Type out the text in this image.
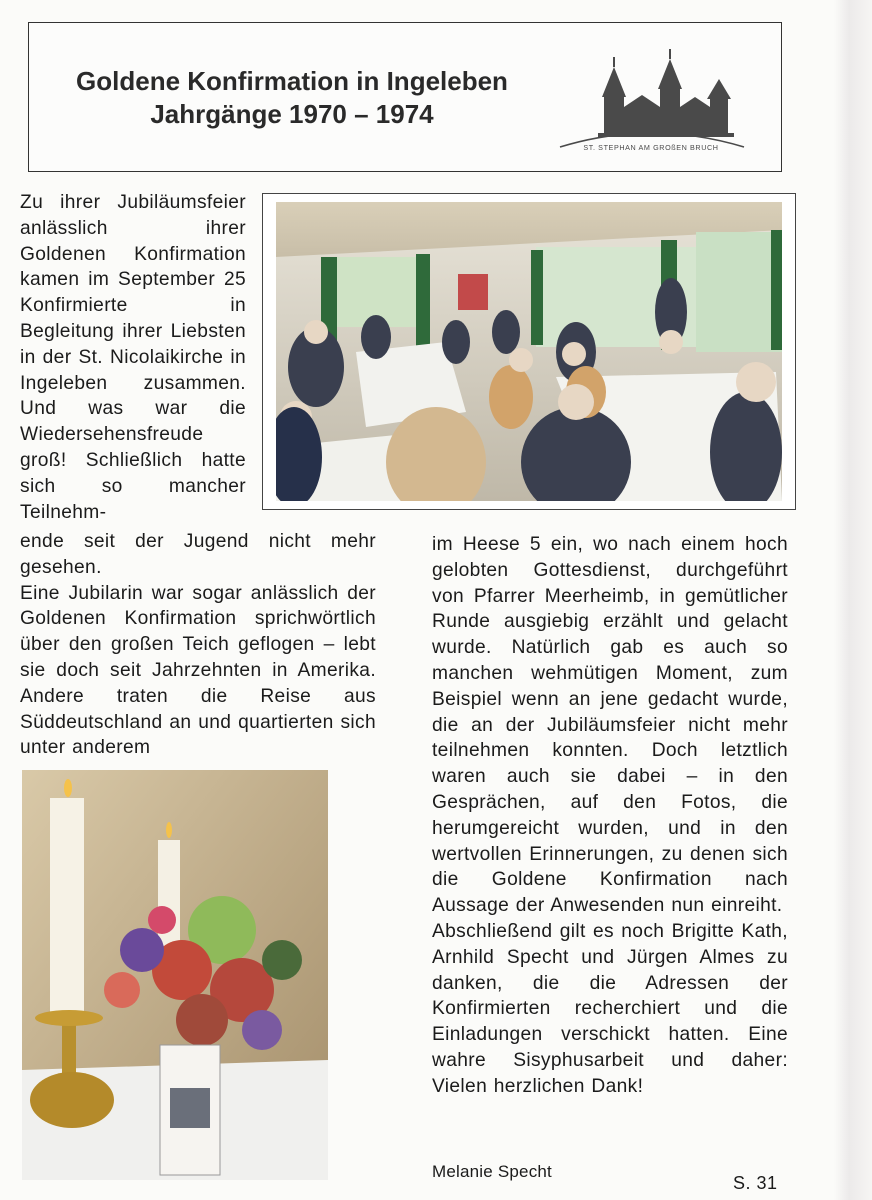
Goldene Konfirmation in Ingeleben
Jahrgänge 1970 – 1974
ST. STEPHAN AM GROßEN BRUCH

Zu ihrer Jubiläumsfeier anlässlich ihrer Goldenen Konfirmation kamen im September 25 Konfirmierte in Begleitung ihrer Liebsten in der St. Nicolaikirche in Ingeleben zusammen. Und was war die Wiedersehensfreude groß! Schließlich hatte sich so mancher Teilnehm-

ende seit der Jugend nicht mehr gesehen.

Eine Jubilarin war sogar anlässlich der Goldenen Konfirmation sprichwörtlich über den großen Teich geflogen – lebt sie doch seit Jahrzehnten in Amerika. Andere traten die Reise aus Süddeutschland an und quartierten sich unter anderem

im Heese 5 ein, wo nach einem hoch gelobten Gottesdienst, durchgeführt von Pfarrer Meerheimb, in gemütlicher Runde ausgiebig erzählt und gelacht wurde. Natürlich gab es auch so manchen wehmütigen Moment, zum Beispiel wenn an jene gedacht wurde, die an der Jubiläumsfeier nicht mehr teilnehmen konnten. Doch letztlich waren auch sie dabei – in den Gesprächen, auf den Fotos, die herumgereicht wurden, und in den wertvollen Erinnerungen, zu denen sich die Goldene Konfirmation nach Aussage der Anwesenden nun einreiht.

Abschließend gilt es noch Brigitte Kath, Arnhild Specht und Jürgen Almes zu danken, die die Adressen der Konfirmierten recherchiert und die Einladungen verschickt hatten. Eine wahre Sisyphusarbeit und daher: Vielen herzlichen Dank!

Melanie Specht
S. 31
